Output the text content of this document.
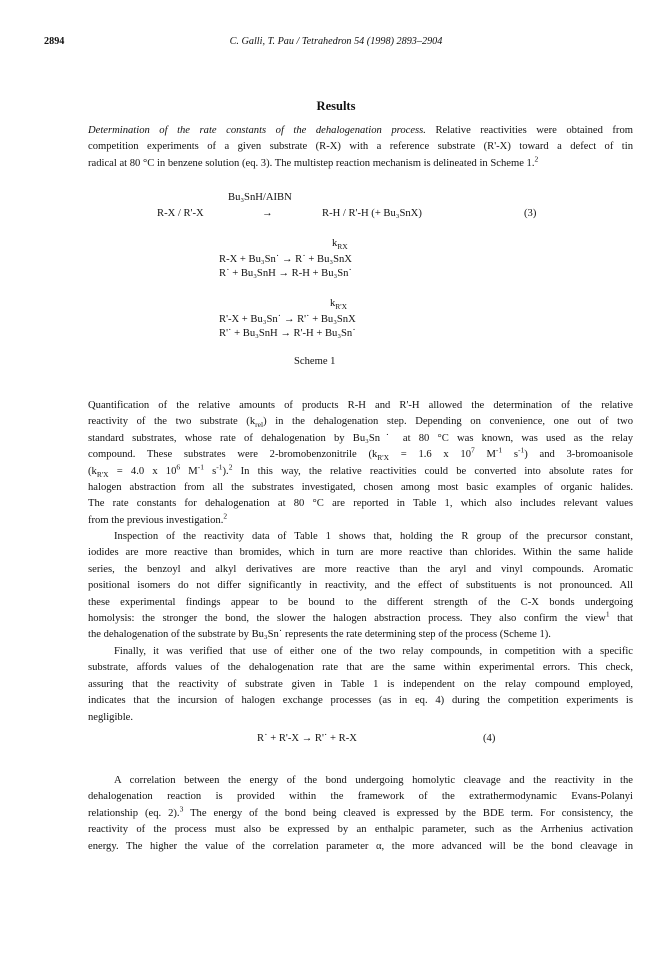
2894	C. Galli, T. Pau / Tetrahedron 54 (1998) 2893–2904
Results
Determination of the rate constants of the dehalogenation process. Relative reactivities were obtained from
competition experiments of a given substrate (R-X) with a reference substrate (R'-X) toward a defect of tin
radical at 80 °C in benzene solution (eq. 3). The multistep reaction mechanism is delineated in Scheme 1.$^2$
Bu₃SnH/AIBN
R-X / R'-X	→	R-H / R'-H (+ Bu₃SnX)	(3)
$k_{RX}$
R-X + Bu₃Sn˙ → R˙ + Bu₃SnX
R˙ + Bu₃SnH → R-H + Bu₃Sn˙
$k_{R'X}$
R'-X + Bu₃Sn˙ → R'˙ + Bu₃SnX
R'˙ + Bu₃SnH → R'-H + Bu₃Sn˙
Scheme 1
Quantification of the relative amounts of products R-H and R'-H allowed the determination of the relative
reactivity of the two substrate $(k_{rel})$ in the dehalogenation step. Depending on convenience, one out of two
standard substrates, whose rate of dehalogenation by Bu₃Sn˙ at 80 °C was known, was used as the relay
compound. These substrates were 2-bromobenzonitrile ($k_{R'X} = 1.6$ x $10^7$ $M^{-1}$ $s^{-1}$) and 3-bromoanisole
($k_{R'X} = 4.0$ x $10^6$ $M^{-1}$ $s^{-1}).^2$ In this way, the relative reactivities could be converted into absolute rates for
halogen abstraction from all the substrates investigated, chosen among most basic examples of organic halides.
The rate constants for dehalogenation at 80 °C are reported in Table 1, which also includes relevant values
from the previous investigation.$^2$
Inspection of the reactivity data of Table 1 shows that, holding the R group of the precursor constant,
iodides are more reactive than bromides, which in turn are more reactive than chlorides. Within the same halide
series, the benzoyl and alkyl derivatives are more reactive than the aryl and vinyl compounds. Aromatic
positional isomers do not differ significantly in reactivity, and the effect of substituents is not pronounced. All
these experimental findings appear to be bound to the different strength of the C-X bonds undergoing
homolysis: the stronger the bond, the slower the halogen abstraction process. They also confirm the view$^1$ that
the dehalogenation of the substrate by Bu₃Sn˙ represents the rate determining step of the process (Scheme 1).
Finally, it was verified that use of either one of the two relay compounds, in competition with a specific
substrate, affords values of the dehalogenation rate that are the same within experimental errors. This check,
assuring that the reactivity of substrate given in Table 1 is independent on the relay compound employed,
indicates that the incursion of halogen exchange processes (as in eq. 4) during the competition experiments is
negligible.
R˙ + R'-X → R'˙ + R-X	(4)
A correlation between the energy of the bond undergoing homolytic cleavage and the reactivity in the
dehalogenation reaction is provided within the framework of the extrathermodynamic Evans-Polanyi
relationship (eq. 2).$^3$ The energy of the bond being cleaved is expressed by the BDE term. For consistency, the
reactivity of the process must also be expressed by an enthalpic parameter, such as the Arrhenius activation
energy. The higher the value of the correlation parameter α, the more advanced will be the bond cleavage in
